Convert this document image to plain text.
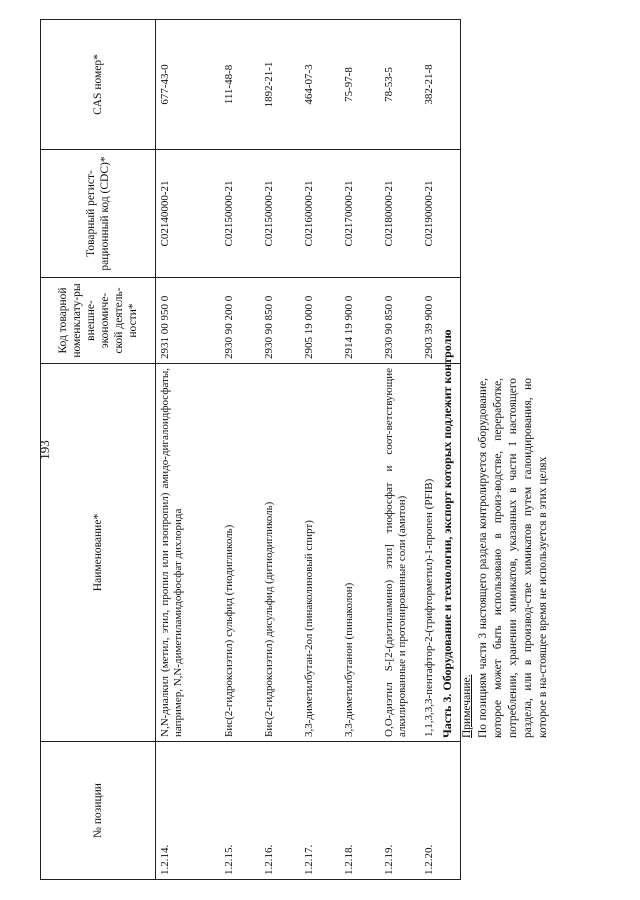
193
№ позиции	Наименование*	Код товарной номенклату-ры внешне-экономиче-ской деятель-ности*	Товарный регист-рационный код (CDC)*	CAS номер*
1.2.14.	N,N-диалкил (метил, этил, пропил или изопропил) амидо-дигалоидфосфаты, например, N,N-диметиламидофосфат дихлорида	2931 00 950 0	C02140000-21	677-43-0
1.2.15.	Бис(2-гидроксиэтил) сульфид (тиодигликоль)	2930 90 200 0	C02150000-21	111-48-8
1.2.16.	Бис(2-гидроксиэтил) дисульфид (дитиодигликоль)	2930 90 850 0	C02150000-21	1892-21-1
1.2.17.	3,3-диметилбутан-2ол (пинаколиновый спирт)	2905 19 000 0	C02160000-21	464-07-3
1.2.18.	3,3-диметилбутанон (пинаколон)	2914 19 900 0	C02170000-21	75-97-8
1.2.19.	O,O-диэтил S-[2-(диэтиламино) этил] тиофосфат и соот-ветствующие алкилированные и протонированные соли (амитон)	2930 90 850 0	C02180000-21	78-53-5
1.2.20.	1,1,3,3,3-пентафтор-2-(трифторметил)-1-пропен (PFIB)	2903 39 900 0	C02190000-21	382-21-8
Часть 3. Оборудование и технологии, экспорт которых подлежит контролю Примечание. По позициям части 3 настоящего раздела контролируется оборудование, которое может быть использовано в произ-водстве, переработке, потреблении, хранении химикатов, указанных в части 1 настоящего раздела, или в производ-стве химикатов путем галоидирования, но которое в на-стоящее время не используется в этих целях
